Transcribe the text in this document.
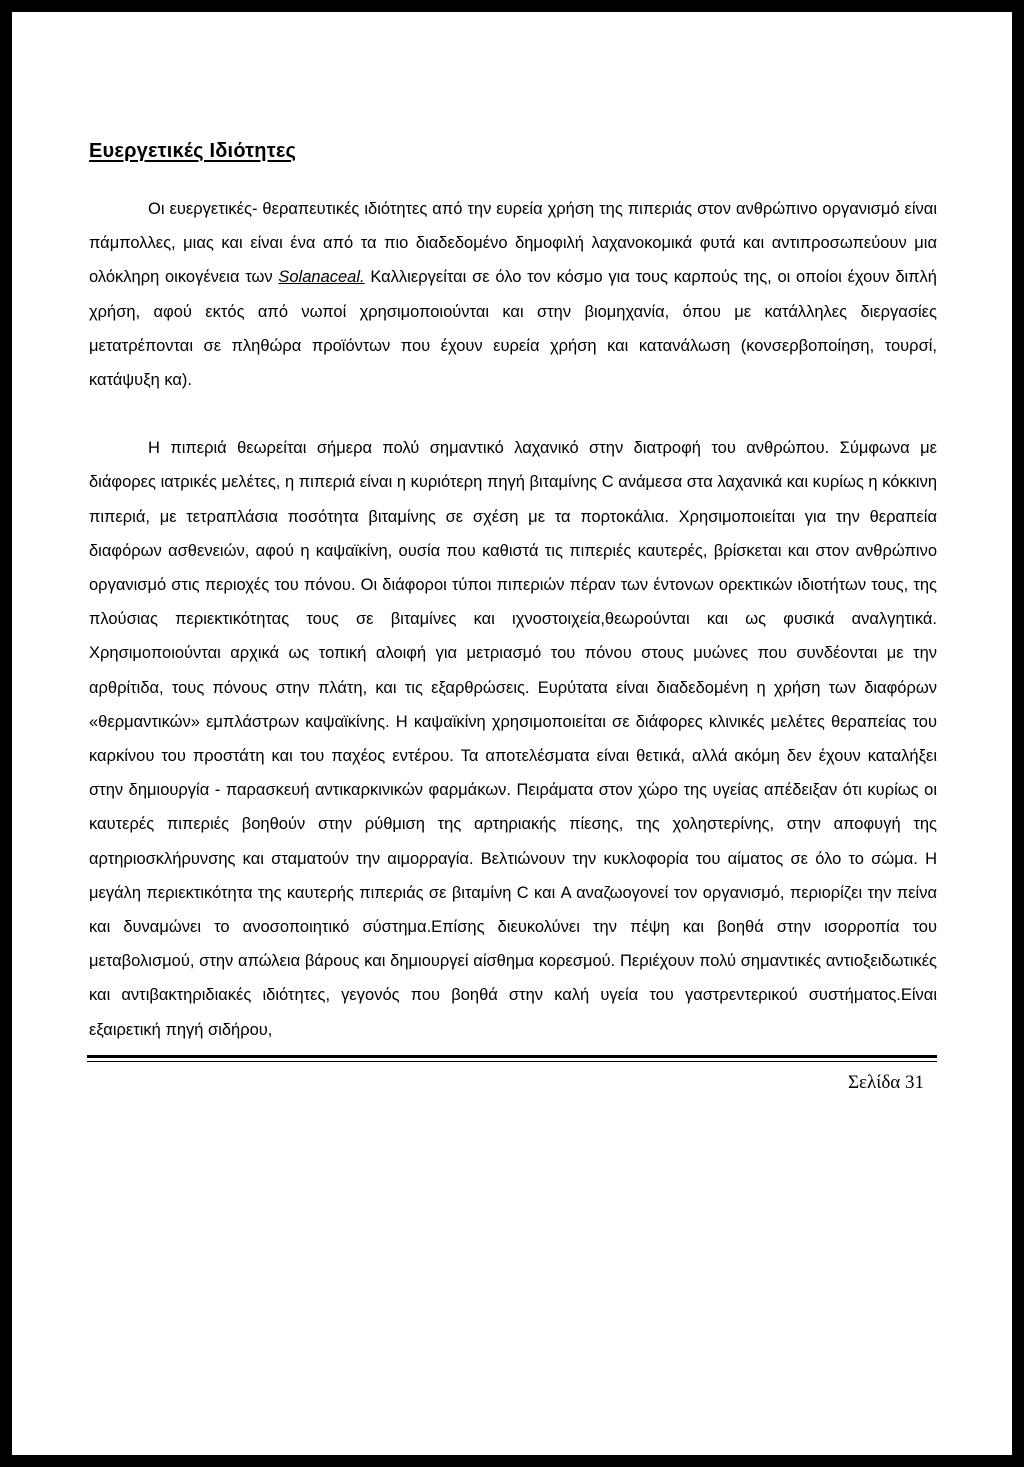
Ευεργετικές Ιδιότητες

Οι ευεργετικές- θεραπευτικές ιδιότητες από την ευρεία χρήση της πιπεριάς στον ανθρώπινο οργανισμό είναι πάμπολλες, μιας και είναι ένα από τα πιο διαδεδομένο δημοφιλή λαχανοκομικά φυτά και αντιπροσωπεύουν μια ολόκληρη οικογένεια των Solanaceal. Καλλιεργείται σε όλο τον κόσμο για τους καρπούς της, οι οποίοι έχουν διπλή χρήση, αφού εκτός από νωποί χρησιμοποιούνται και στην βιομηχανία, όπου με κατάλληλες διεργασίες μετατρέπονται σε πληθώρα προϊόντων που έχουν ευρεία χρήση και κατανάλωση (κονσερβοποίηση, τουρσί, κατάψυξη κα).

Η πιπεριά θεωρείται σήμερα πολύ σημαντικό λαχανικό στην διατροφή του ανθρώπου. Σύμφωνα με διάφορες ιατρικές μελέτες, η πιπεριά είναι η κυριότερη πηγή βιταμίνης C ανάμεσα στα λαχανικά και κυρίως η κόκκινη πιπεριά, με τετραπλάσια ποσότητα βιταμίνης σε σχέση με τα πορτοκάλια. Χρησιμοποιείται για την θεραπεία διαφόρων ασθενειών, αφού η καψαϊκίνη, ουσία που καθιστά τις πιπεριές καυτερές, βρίσκεται και στον ανθρώπινο οργανισμό στις περιοχές του πόνου. Οι διάφοροι τύποι πιπεριών πέραν των έντονων ορεκτικών ιδιοτήτων τους, της πλούσιας περιεκτικότητας τους σε βιταμίνες και ιχνοστοιχεία,θεωρούνται και ως φυσικά αναλγητικά. Χρησιμοποιούνται αρχικά ως τοπική αλοιφή για μετριασμό του πόνου στους μυώνες που συνδέονται με την αρθρίτιδα, τους πόνους στην πλάτη, και τις εξαρθρώσεις. Ευρύτατα είναι διαδεδομένη η χρήση των διαφόρων «θερμαντικών» εμπλάστρων καψαϊκίνης. Η καψαϊκίνη χρησιμοποιείται σε διάφορες κλινικές μελέτες θεραπείας του καρκίνου του προστάτη και του παχέος εντέρου. Τα αποτελέσματα είναι θετικά, αλλά ακόμη δεν έχουν καταλήξει στην δημιουργία - παρασκευή αντικαρκινικών φαρμάκων. Πειράματα στον χώρο της υγείας απέδειξαν ότι κυρίως οι καυτερές πιπεριές βοηθούν στην ρύθμιση της αρτηριακής πίεσης, της χοληστερίνης, στην αποφυγή της αρτηριοσκλήρυνσης και σταματούν την αιμορραγία. Βελτιώνουν την κυκλοφορία του αίματος σε όλο το σώμα. Η μεγάλη περιεκτικότητα της καυτερής πιπεριάς σε βιταμίνη C και A αναζωογονεί τον οργανισμό, περιορίζει την πείνα και δυναμώνει το ανοσοποιητικό σύστημα.Επίσης διευκολύνει την πέψη και βοηθά στην ισορροπία του μεταβολισμού, στην απώλεια βάρους και δημιουργεί αίσθημα κορεσμού. Περιέχουν πολύ σημαντικές αντιοξειδωτικές και αντιβακτηριδιακές ιδιότητες, γεγονός που βοηθά στην καλή υγεία του γαστρεντερικού συστήματος.Είναι εξαιρετική πηγή σιδήρου,

Σελίδα 31
